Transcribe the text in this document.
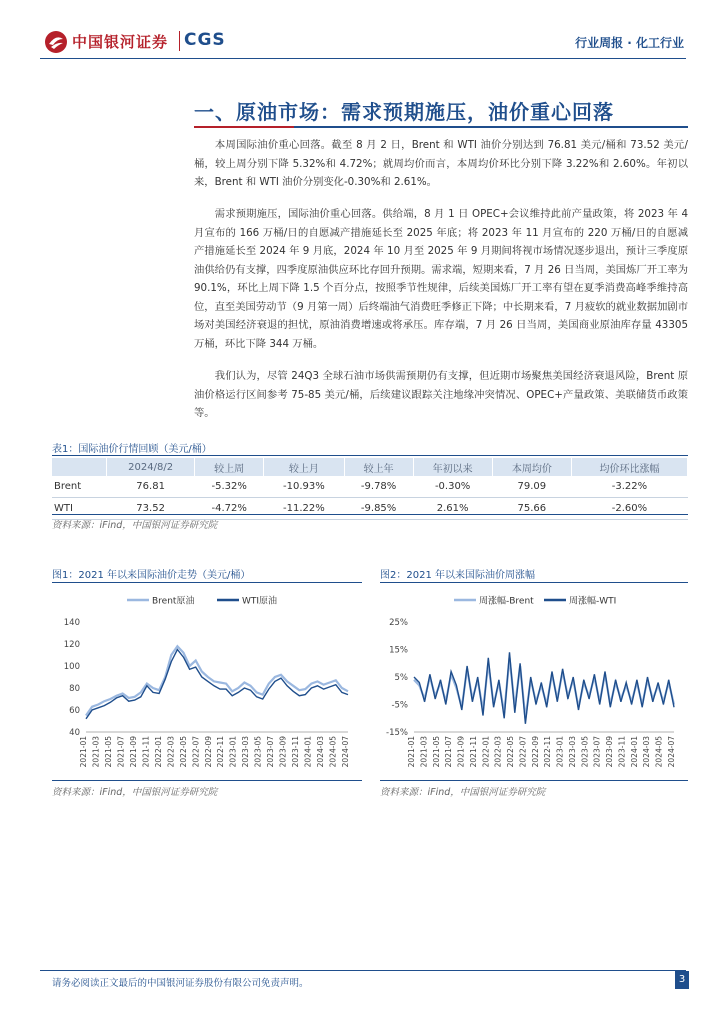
中国银河证券 CGS	行业周报 · 化工行业
一、原油市场：需求预期施压，油价重心回落
  本周国际油价重心回落。截至 8 月 2 日，Brent 和 WTI 油价分别达到 76.81 美元/桶和 73.52 美元/桶，较上周分别下降 5.32%和 4.72%；就周均价而言，本周均价环比分别下降 3.22%和 2.60%。年初以来，Brent 和 WTI 油价分别变化-0.30%和 2.61%。
  需求预期施压，国际油价重心回落。供给端，8 月 1 日 OPEC+会议维持此前产量政策，将 2023 年 4 月宣布的 166 万桶/日的自愿减产措施延长至 2025 年底；将 2023 年 11 月宣布的 220 万桶/日的自愿减产措施延长至 2024 年 9 月底，2024 年 10 月至 2025 年 9 月期间将视市场情况逐步退出，预计三季度原油供给仍有支撑，四季度原油供应环比存回升预期。需求端，短期来看，7 月 26 日当周，美国炼厂开工率为 90.1%，环比上周下降 1.5 个百分点，按照季节性规律，后续美国炼厂开工率有望在夏季消费高峰季维持高位，直至美国劳动节（9 月第一周）后终端油气消费旺季修正下降；中长期来看，7 月疲软的就业数据加剧市场对美国经济衰退的担忧，原油消费增速或将承压。库存端，7 月 26 日当周，美国商业原油库存量 43305 万桶，环比下降 344 万桶。
  我们认为，尽管 24Q3 全球石油市场供需预期仍有支撑，但近期市场聚焦美国经济衰退风险，Brent 原油价格运行区间参考 75-85 美元/桶，后续建议跟踪关注地缘冲突情况、OPEC+产量政策、美联储货币政策等。
表1：国际油价行情回顾（美元/桶）
	2024/8/2	较上周	较上月	较上年	年初以来	本周均价	均价环比涨幅
Brent	76.81	-5.32%	-10.93%	-9.78%	-0.30%	79.09	-3.22%
WTI	73.52	-4.72%	-11.22%	-9.85%	2.61%	75.66	-2.60%
资料来源：iFind，中国银河证券研究院
图1：2021 年以来国际油价走势（美元/桶）	图2：2021 年以来国际油价周涨幅
Brent原油	WTI原油
40
60
80
100
120
140
2021-01 2021-03 2021-05 2021-07 2021-09 2021-11 2022-01 2022-03 2022-05 2022-07 2022-09 2022-11 2023-01 2023-03 2023-05 2023-07 2023-09 2023-11 2024-01 2024-03 2024-05 2024-07
周涨幅-Brent	周涨幅-WTI
25%
15%
5%
-5%
-15%
2021-01 2021-03 2021-05 2021-07 2021-09 2021-11 2022-01 2022-03 2022-05 2022-07 2022-09 2022-11 2023-01 2023-03 2023-05 2023-07 2023-09 2023-11 2024-01 2024-03 2024-05 2024-07
资料来源：iFind，中国银河证券研究院	资料来源：iFind，中国银河证券研究院
请务必阅读正文最后的中国银河证券股份有限公司免责声明。	3
